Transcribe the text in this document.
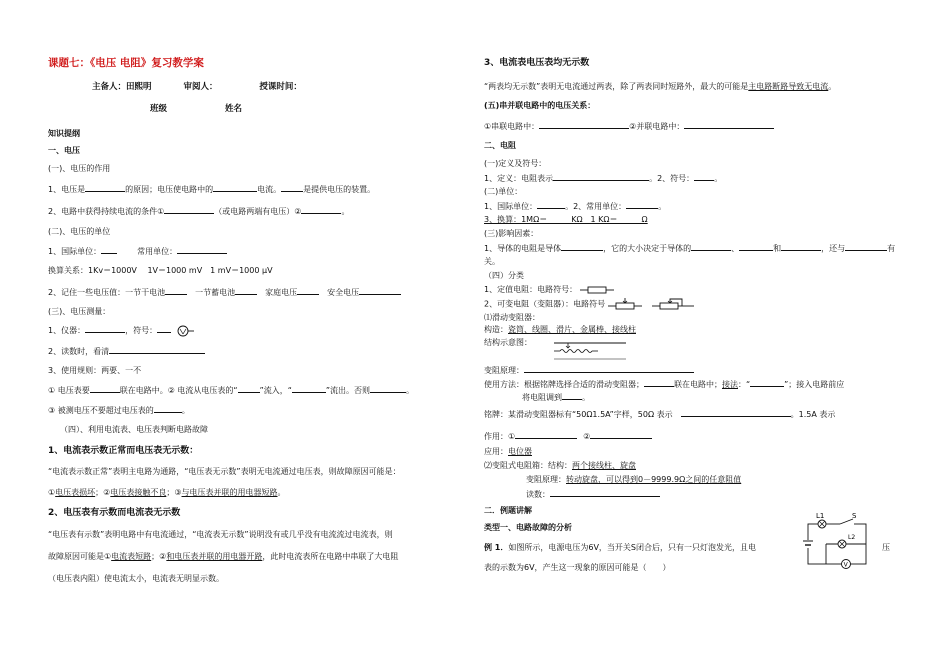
课题七：《电压 电阻》复习教学案
主备人：田熙明	审阅人：	授课时间：
班级	姓名
知识提纲
一、电压
(一)、电压的作用
1、电压是	的原因；电压使电路中的	电流。	是提供电压的装置。
2、电路中获得持续电流的条件①	（或电路两端有电压）②	。
(二)、电压的单位
1、国际单位：	常用单位：
换算关系：1Kv＝1000V　 1V＝1000 mV　1 mV＝1000 μV
2、记住一些电压值：一节干电池	一节蓄电池	家庭电压	安全电压
(三)、电压测量：
1、仪器：	，符号：
2、读数时，看清
3、使用规则：两要、一不
① 电压表要	联在电路中。② 电流从电压表的“	”流入，“	”流出。否则	。
③ 被测电压不要超过电压表的	。
（四）、利用电流表、电压表判断电路故障
1、电流表示数正常而电压表无示数：
“电流表示数正常”表明主电路为通路，“电压表无示数”表明无电流通过电压表，则故障原因可能是：
①电压表损坏；②电压表接触不良；③与电压表并联的用电器短路。
2、电压表有示数而电流表无示数
“电压表有示数”表明电路中有电流通过，“电流表无示数”说明没有或几乎没有电流流过电流表，则
故障原因可能是①电流表短路；②和电压表并联的用电器开路，此时电流表所在电路中串联了大电阻
（电压表内阻）使电流太小，电流表无明显示数。
3、电流表电压表均无示数
“两表均无示数”表明无电流通过两表，除了两表同时短路外，最大的可能是主电路断路导致无电流。
(五)串并联电路中的电压关系：
①串联电路中：	②并联电路中：
二、电阻
(一)定义及符号：
1、定义：电阻表示	。2、符号：	。
(二)单位：
1、国际单位：	。2、常用单位：	。
3、换算：1MΩ＝　　　KΩ　1 KΩ＝　　　Ω
(三)影响因素：
1、导体的电阻是导体	，它的大小决定于导体的	、	和	，还与	有
关。
（四）分类
1、定值电阻：电路符号：
2、可变电阻（变阻器）：电路符号
⑴滑动变阻器：
构造：瓷筒、线圈、滑片、金属棒、接线柱
结构示意图：
变阻原理：
使用方法：根据铭牌选择合适的滑动变阻器；	联在电路中；接法：“	”；接入电路前应
将电阻调到	。
铭牌：某滑动变阻器标有“50Ω1.5A”字样，50Ω 表示	。1.5A 表示
作用：①	②
应用：电位器
⑵变阻式电阻箱：结构：两个接线柱、旋盘
变阻原理：转动旋盘，可以得到0－9999.9Ω之间的任意阻值
读数：
二．例题讲解
类型一、电路故障的分析
例 1．如图所示，电源电压为6V，当开关S闭合后，只有一只灯泡发光，且电	压
表的示数为6V，产生这一现象的原因可能是（　　）
L1	S
L2
V
